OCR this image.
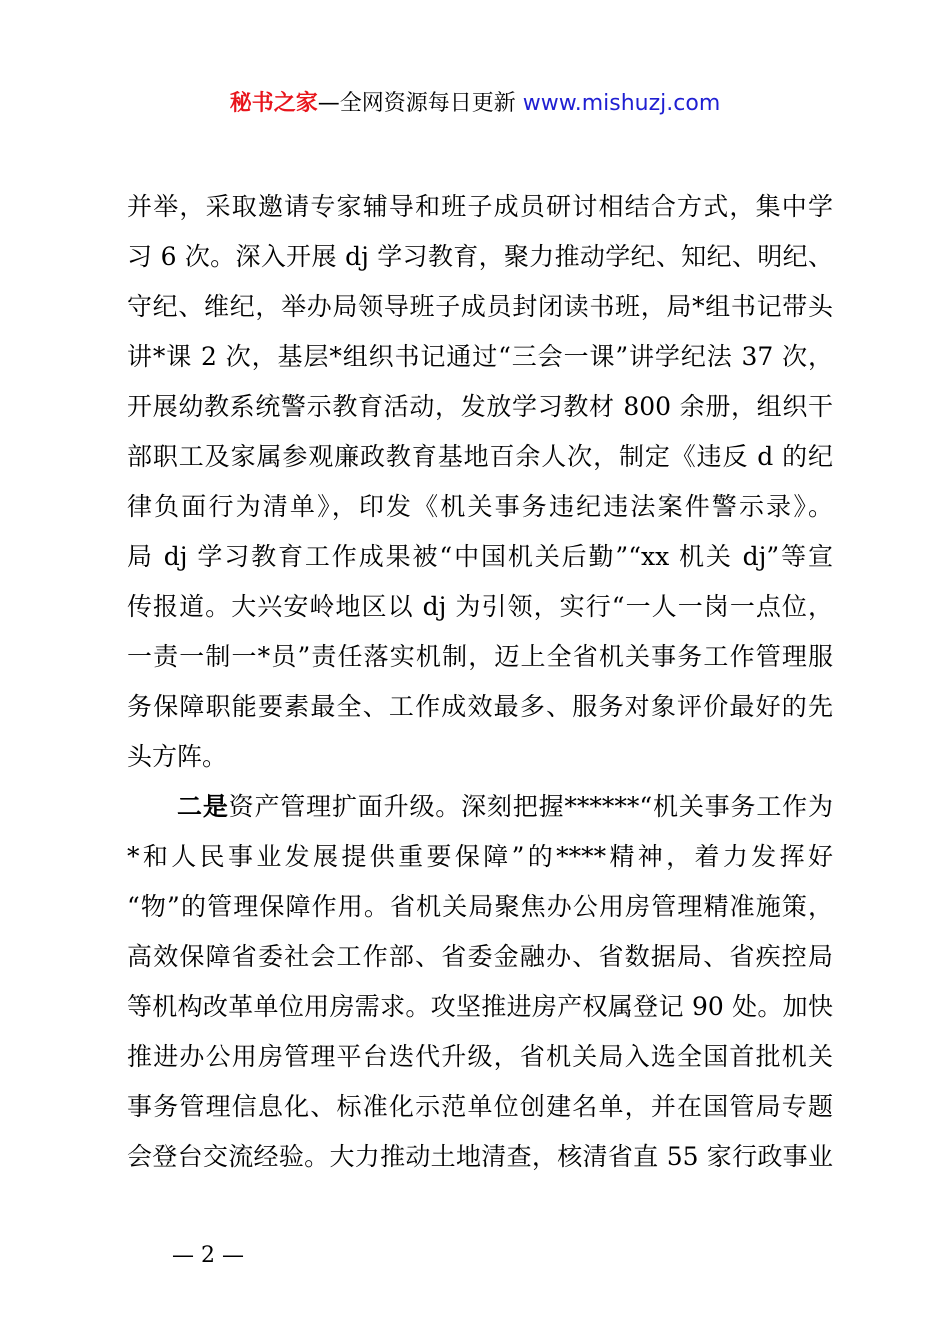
秘书之家—全网资源每日更新 www.mishuzj.com
并举，采取邀请专家辅导和班子成员研讨相结合方式，集中学
习 6 次。深入开展 dj 学习教育，聚力推动学纪、知纪、明纪、
守纪、维纪，举办局领导班子成员封闭读书班，局*组书记带头
讲*课 2 次，基层*组织书记通过“三会一课”讲学纪法 37 次，
开展幼教系统警示教育活动，发放学习教材 800 余册，组织干
部职工及家属参观廉政教育基地百余人次，制定《违反 d 的纪
律负面行为清单》，印发《机关事务违纪违法案件警示录》。
局 dj 学习教育工作成果被“中国机关后勤”“xx 机关 dj”等宣
传报道。大兴安岭地区以 dj 为引领，实行“一人一岗一点位，
一责一制一*员”责任落实机制，迈上全省机关事务工作管理服
务保障职能要素最全、工作成效最多、服务对象评价最好的先
头方阵。
二是资产管理扩面升级。深刻把握******“机关事务工作为
*和人民事业发展提供重要保障”的****精神，着力发挥好
“物”的管理保障作用。省机关局聚焦办公用房管理精准施策，
高效保障省委社会工作部、省委金融办、省数据局、省疾控局
等机构改革单位用房需求。攻坚推进房产权属登记 90 处。加快
推进办公用房管理平台迭代升级，省机关局入选全国首批机关
事务管理信息化、标准化示范单位创建名单，并在国管局专题
会登台交流经验。大力推动土地清查，核清省直 55 家行政事业
— 2 —
